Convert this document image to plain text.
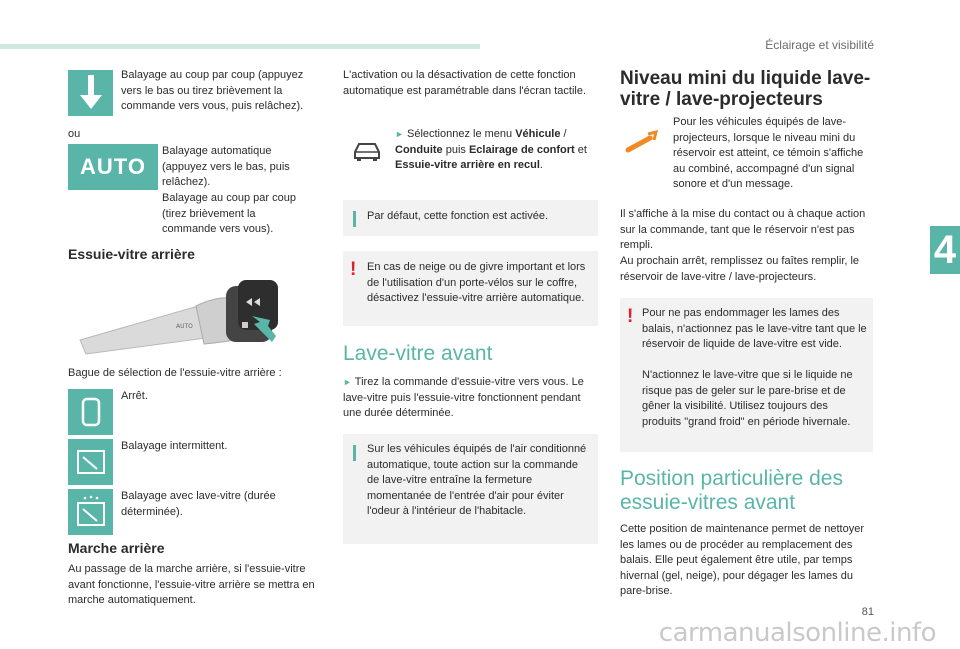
Éclairage et visibilité
4
81
carmanualsonline.info

Balayage au coup par coup (appuyez vers le bas ou tirez brièvement la commande vers vous, puis relâchez).

ou

AUTO

Balayage automatique (appuyez vers le bas, puis relâchez).

Balayage au coup par coup (tirez brièvement la commande vers vous).

Essuie-vitre arrière
AUTO

Bague de sélection de l'essuie-vitre arrière :

Arrêt.

Balayage intermittent.

Balayage avec lave-vitre (durée déterminée).

Marche arrière

Au passage de la marche arrière, si l'essuie-vitre avant fonctionne, l'essuie-vitre arrière se mettra en marche automatiquement.

L'activation ou la désactivation de cette fonction automatique est paramétrable dans l'écran tactile.

► Sélectionnez le menu Véhicule / Conduite puis Eclairage de confort et Essuie-vitre arrière en recul.

Par défaut, cette fonction est activée.

! En cas de neige ou de givre important et lors de l'utilisation d'un porte-vélos sur le coffre, désactivez l'essuie-vitre arrière automatique.

Lave-vitre avant

► Tirez la commande d'essuie-vitre vers vous. Le lave-vitre puis l'essuie-vitre fonctionnent pendant une durée déterminée.

Sur les véhicules équipés de l'air conditionné automatique, toute action sur la commande de lave-vitre entraîne la fermeture momentanée de l'entrée d'air pour éviter l'odeur à l'intérieur de l'habitacle.

Niveau mini du liquide lave-
vitre / lave-projecteurs

Pour les véhicules équipés de lave-projecteurs, lorsque le niveau mini du réservoir est atteint, ce témoin s'affiche au combiné, accompagné d'un signal sonore et d'un message.

Il s'affiche à la mise du contact ou à chaque action sur la commande, tant que le réservoir n'est pas rempli.

Au prochain arrêt, remplissez ou faîtes remplir, le réservoir de lave-vitre / lave-projecteurs.

! Pour ne pas endommager les lames des balais, n'actionnez pas le lave-vitre tant que le réservoir de liquide de lave-vitre est vide.

N'actionnez le lave-vitre que si le liquide ne risque pas de geler sur le pare-brise et de gêner la visibilité. Utilisez toujours des produits "grand froid" en période hivernale.

Position particulière des
essuie-vitres avant

Cette position de maintenance permet de nettoyer les lames ou de procéder au remplacement des balais. Elle peut également être utile, par temps hivernal (gel, neige), pour dégager les lames du pare-brise.
